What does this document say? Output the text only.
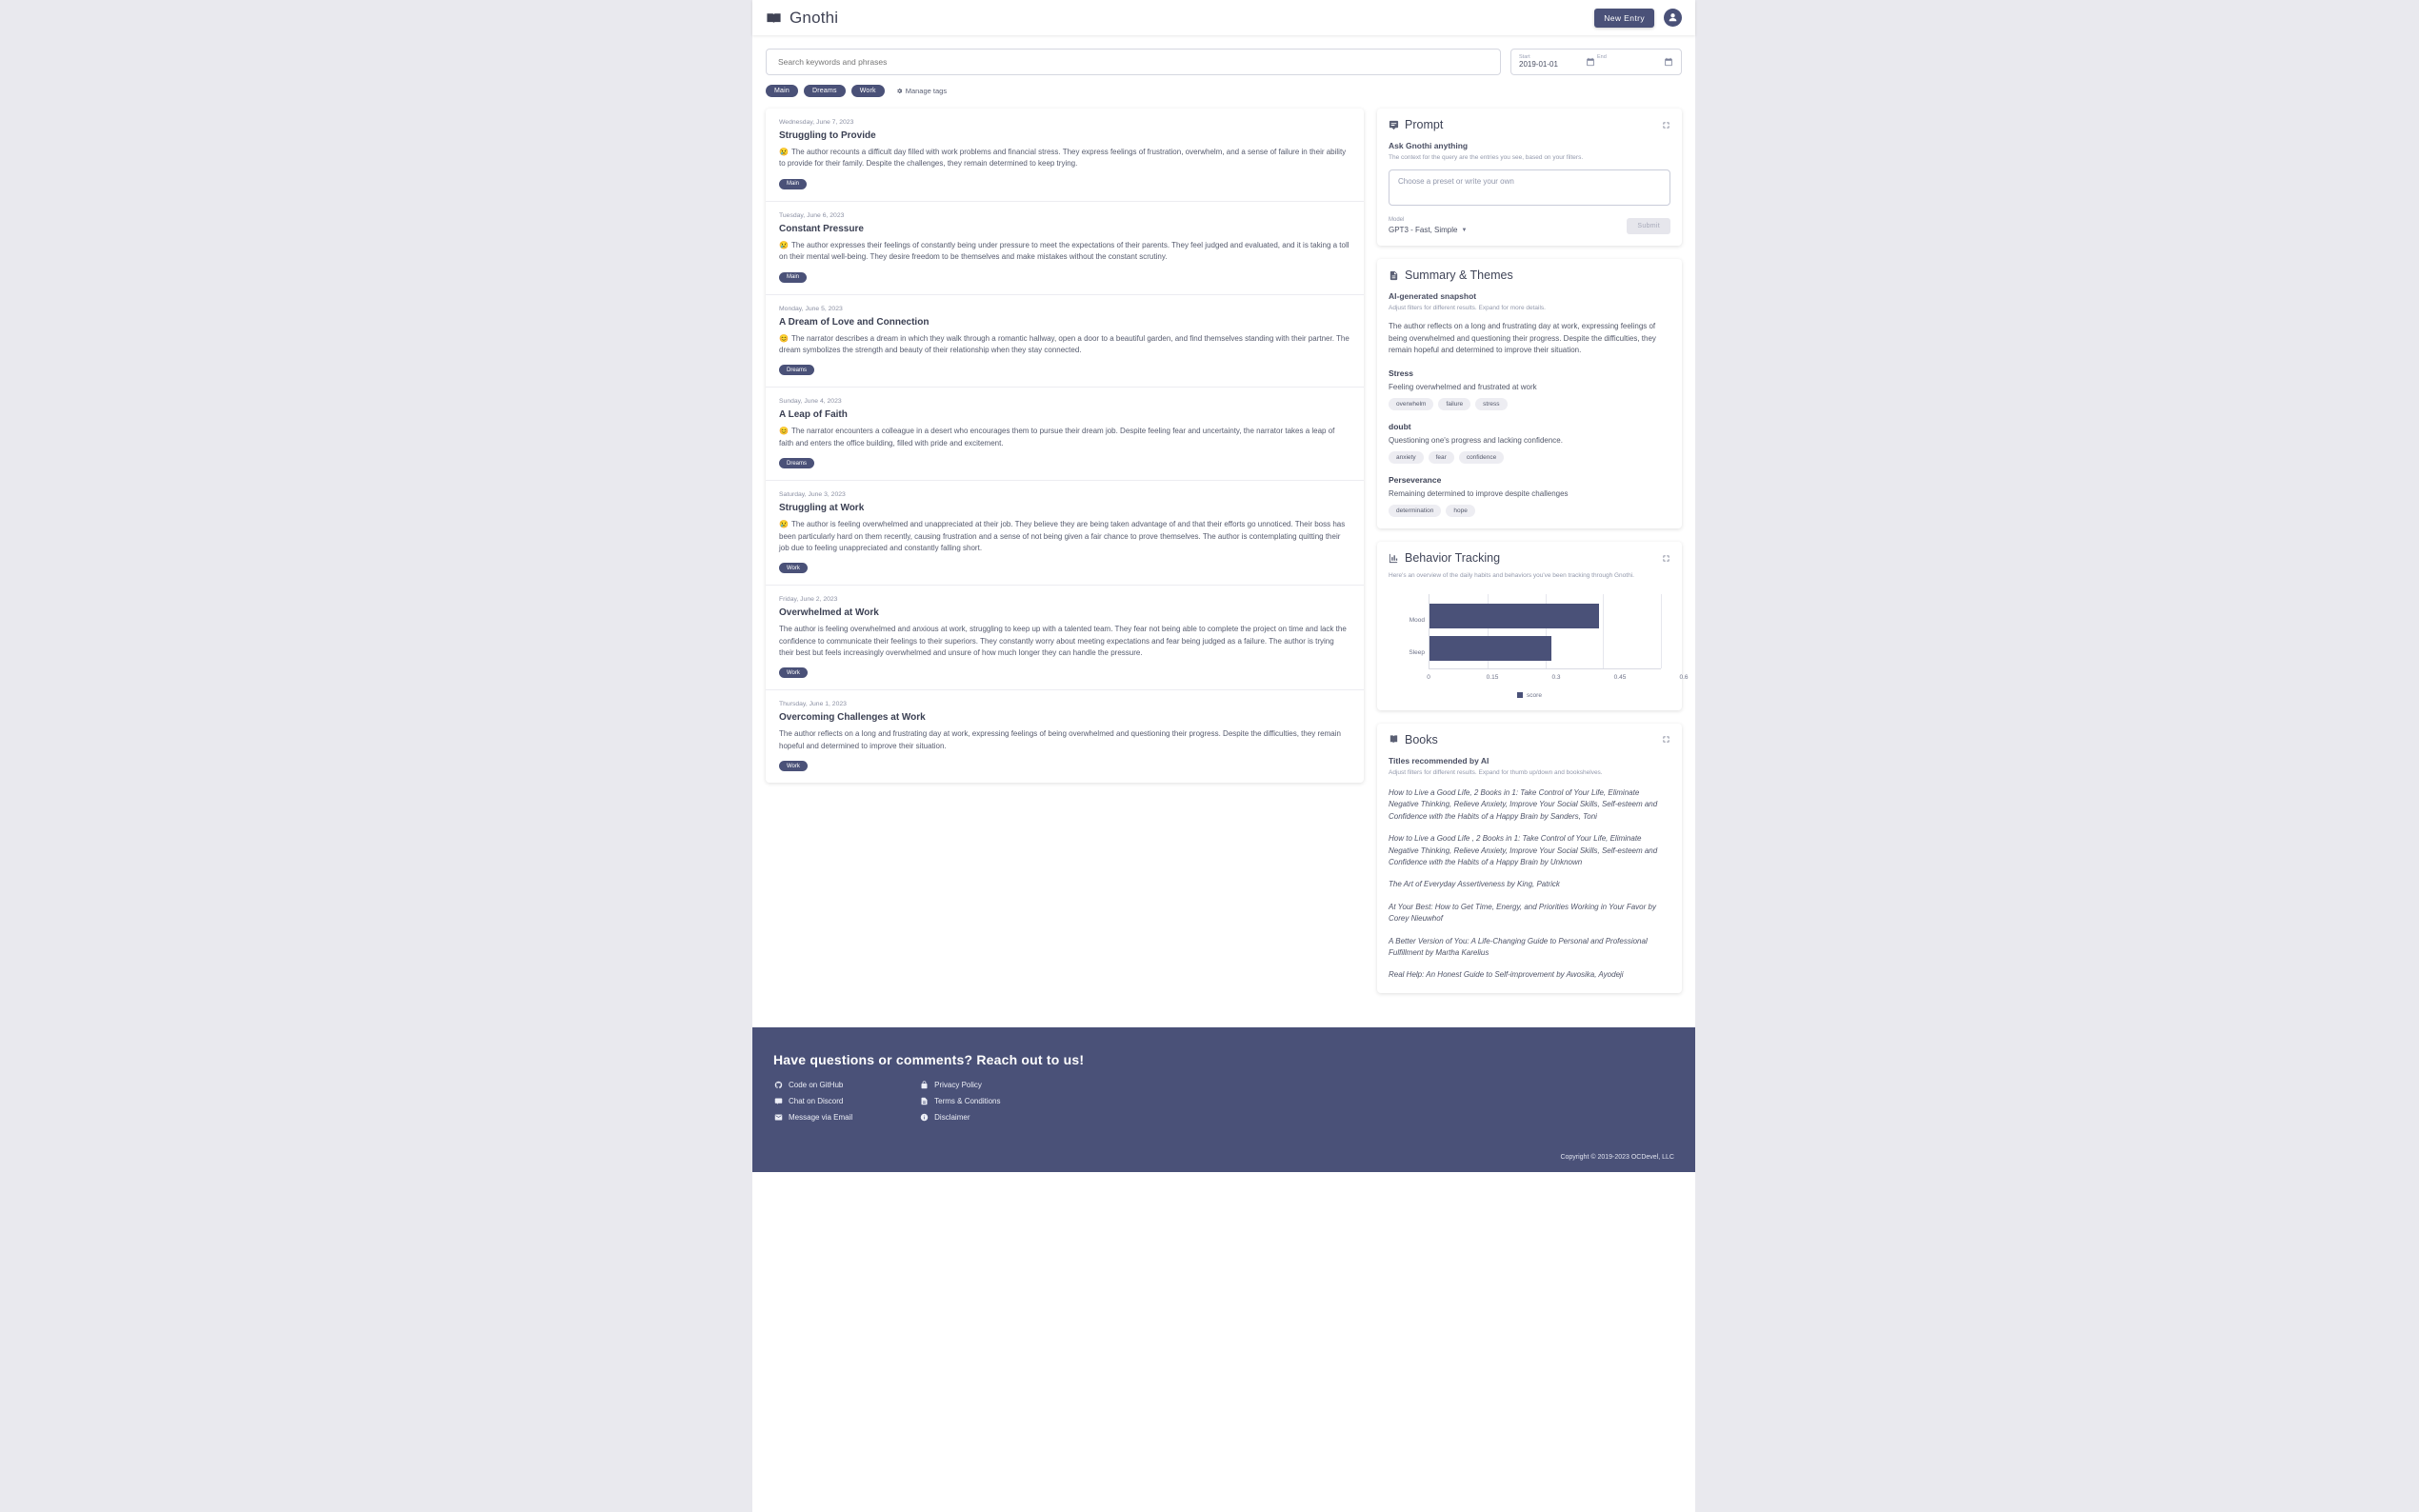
Gnothi	New Entry
Search keywords and phrases
Start
2019-01-01
End
Main	Dreams	Work	Manage tags
Wednesday, June 7, 2023
Struggling to Provide
😢 The author recounts a difficult day filled with work problems and financial stress. They express feelings of frustration, overwhelm, and a sense of failure in their ability to provide for their family. Despite the challenges, they remain determined to keep trying.
Main
Tuesday, June 6, 2023
Constant Pressure
😢 The author expresses their feelings of constantly being under pressure to meet the expectations of their parents. They feel judged and evaluated, and it is taking a toll on their mental well-being. They desire freedom to be themselves and make mistakes without the constant scrutiny.
Main
Monday, June 5, 2023
A Dream of Love and Connection
😊 The narrator describes a dream in which they walk through a romantic hallway, open a door to a beautiful garden, and find themselves standing with their partner. The dream symbolizes the strength and beauty of their relationship when they stay connected.
Dreams
Sunday, June 4, 2023
A Leap of Faith
😊 The narrator encounters a colleague in a desert who encourages them to pursue their dream job. Despite feeling fear and uncertainty, the narrator takes a leap of faith and enters the office building, filled with pride and excitement.
Dreams
Saturday, June 3, 2023
Struggling at Work
😢 The author is feeling overwhelmed and unappreciated at their job. They believe they are being taken advantage of and that their efforts go unnoticed. Their boss has been particularly hard on them recently, causing frustration and a sense of not being given a fair chance to prove themselves. The author is contemplating quitting their job due to feeling unappreciated and constantly falling short.
Work
Friday, June 2, 2023
Overwhelmed at Work
The author is feeling overwhelmed and anxious at work, struggling to keep up with a talented team. They fear not being able to complete the project on time and lack the confidence to communicate their feelings to their superiors. They constantly worry about meeting expectations and fear being judged as a failure. The author is trying their best but feels increasingly overwhelmed and unsure of how much longer they can handle the pressure.
Work
Thursday, June 1, 2023
Overcoming Challenges at Work
The author reflects on a long and frustrating day at work, expressing feelings of being overwhelmed and questioning their progress. Despite the difficulties, they remain hopeful and determined to improve their situation.
Work
Prompt
Ask Gnothi anything
The context for the query are the entries you see, based on your filters.
Choose a preset or write your own
Model
GPT3 - Fast, Simple ▼
Submit
Summary & Themes
AI-generated snapshot
Adjust filters for different results. Expand for more details.
The author reflects on a long and frustrating day at work, expressing feelings of being overwhelmed and questioning their progress. Despite the difficulties, they remain hopeful and determined to improve their situation.
Stress
Feeling overwhelmed and frustrated at work
overwhelm	failure	stress
doubt
Questioning one's progress and lacking confidence.
anxiety	fear	confidence
Perseverance
Remaining determined to improve despite challenges
determination	hope
Behavior Tracking
Here's an overview of the daily habits and behaviors you've been tracking through Gnothi.
Mood
Sleep
0	0.15	0.3	0.45	0.6
score
Books
Titles recommended by AI
Adjust filters for different results. Expand for thumb up/down and bookshelves.
How to Live a Good Life, 2 Books in 1: Take Control of Your Life, Eliminate Negative Thinking, Relieve Anxiety, Improve Your Social Skills, Self-esteem and Confidence with the Habits of a Happy Brain by Sanders, Toni
How to Live a Good Life , 2 Books in 1: Take Control of Your Life, Eliminate Negative Thinking, Relieve Anxiety, Improve Your Social Skills, Self-esteem and Confidence with the Habits of a Happy Brain by Unknown
The Art of Everyday Assertiveness by King, Patrick
At Your Best: How to Get Time, Energy, and Priorities Working in Your Favor by Corey Nieuwhof
A Better Version of You: A Life-Changing Guide to Personal and Professional Fulfillment by Martha Karelius
Real Help: An Honest Guide to Self-improvement by Awosika, Ayodeji
Have questions or comments? Reach out to us!
Code on GitHub
Chat on Discord
Message via Email
Privacy Policy
Terms & Conditions
Disclaimer
Copyright © 2019-2023 OCDevel, LLC
